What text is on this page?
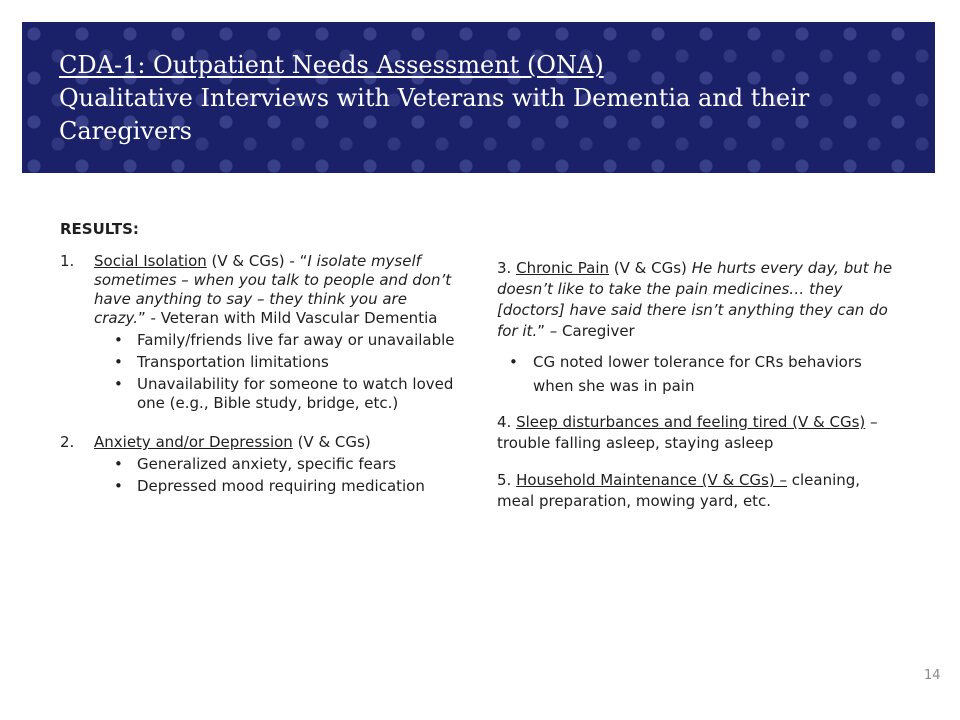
CDA-1: Outpatient Needs Assessment (ONA)
Qualitative Interviews with Veterans with Dementia and their Caregivers
RESULTS:
1. Social Isolation (V & CGs) - “I isolate myself sometimes – when you talk to people and don’t have anything to say – they think you are crazy.” - Veteran with Mild Vascular Dementia
• Family/friends live far away or unavailable
• Transportation limitations
• Unavailability for someone to watch loved one (e.g., Bible study, bridge, etc.)
2. Anxiety and/or Depression (V & CGs)
• Generalized anxiety, specific fears
• Depressed mood requiring medication

3. Chronic Pain (V & CGs) He hurts every day, but he doesn’t like to take the pain medicines… they [doctors] have said there isn’t anything they can do for it.” – Caregiver

• CG noted lower tolerance for CRs behaviors when she was in pain

4. Sleep disturbances and feeling tired (V & CGs) – trouble falling asleep, staying asleep

5. Household Maintenance (V & CGs) – cleaning, meal preparation, mowing yard, etc.

14
